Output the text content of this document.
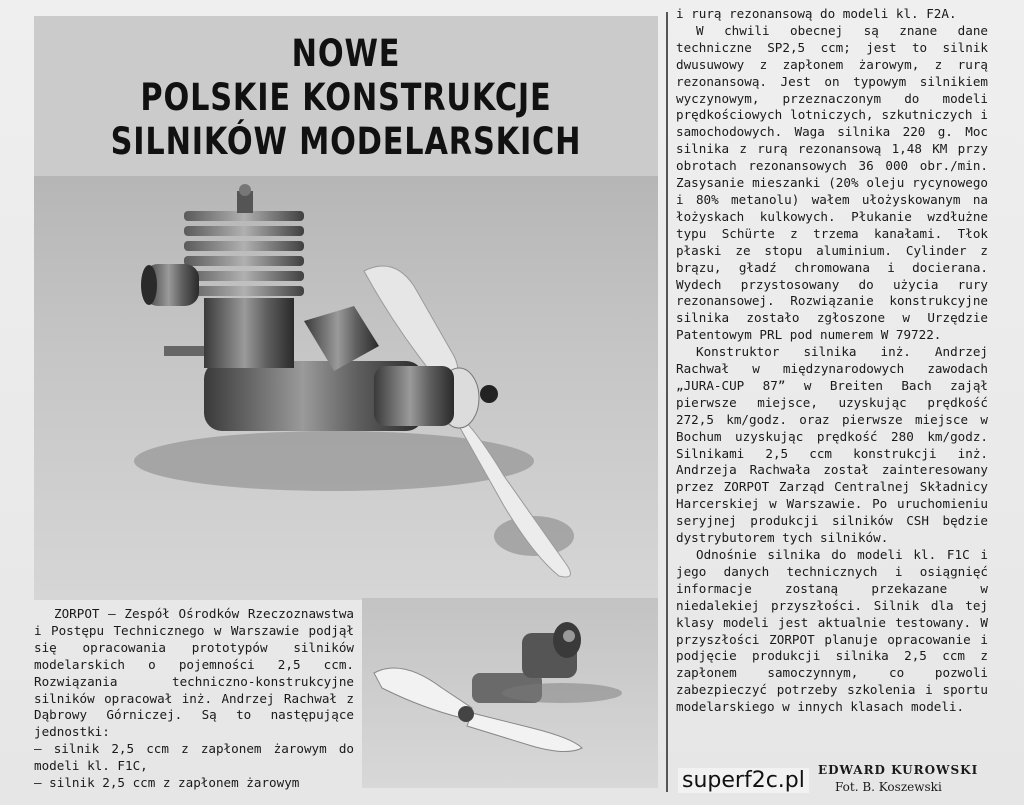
NOWE
POLSKIE KONSTRUKCJE
SILNIKÓW MODELARSKICH

ZORPOT — Zespół Ośrodków Rzeczoznawstwa i Postępu Technicznego w Warszawie podjął się opracowania prototypów silników modelarskich o pojemności 2,5 ccm. Rozwiązania techniczno-konstrukcyjne silników opracował inż. Andrzej Rachwał z Dąbrowy Górniczej. Są to następujące jednostki:

— silnik 2,5 ccm z zapłonem żarowym do modeli kl. F1C,

— silnik 2,5 ccm z zapłonem żarowym

i rurą rezonansową do modeli kl. F2A.

W chwili obecnej są znane dane techniczne SP2,5 ccm; jest to silnik dwusuwowy z zapłonem żarowym, z rurą rezonansową. Jest on typowym silnikiem wyczynowym, przeznaczonym do modeli prędkościowych lotniczych, szkutniczych i samochodowych. Waga silnika 220 g. Moc silnika z rurą rezonansową 1,48 KM przy obrotach rezonansowych 36 000 obr./min. Zasysanie mieszanki (20% oleju rycynowego i 80% metanolu) wałem ułożyskowanym na łożyskach kulkowych. Płukanie wzdłużne typu Schürte z trzema kanałami. Tłok płaski ze stopu aluminium. Cylinder z brązu, gładź chromowana i docierana. Wydech przystosowany do użycia rury rezonansowej. Rozwiązanie konstrukcyjne silnika zostało zgłoszone w Urzędzie Patentowym PRL pod numerem W 79722.

Konstruktor silnika inż. Andrzej Rachwał w międzynarodowych zawodach „JURA-CUP 87” w Breiten Bach zajął pierwsze miejsce, uzyskując prędkość 272,5 km/godz. oraz pierwsze miejsce w Bochum uzyskując prędkość 280 km/godz. Silnikami 2,5 ccm konstrukcji inż. Andrzeja Rachwała został zainteresowany przez ZORPOT Zarząd Centralnej Składnicy Harcerskiej w Warszawie. Po uruchomieniu seryjnej produkcji silników CSH będzie dystrybutorem tych silników.

Odnośnie silnika do modeli kl. F1C i jego danych technicznych i osiągnięć informacje zostaną przekazane w niedalekiej przyszłości. Silnik dla tej klasy modeli jest aktualnie testowany. W przyszłości ZORPOT planuje opracowanie i podjęcie produkcji silnika 2,5 ccm z zapłonem samoczynnym, co pozwoli zabezpieczyć potrzeby szkolenia i sportu modelarskiego w innych klasach modeli.

EDWARD KUROWSKI
Fot. B. Koszewski
superf2c.pl
